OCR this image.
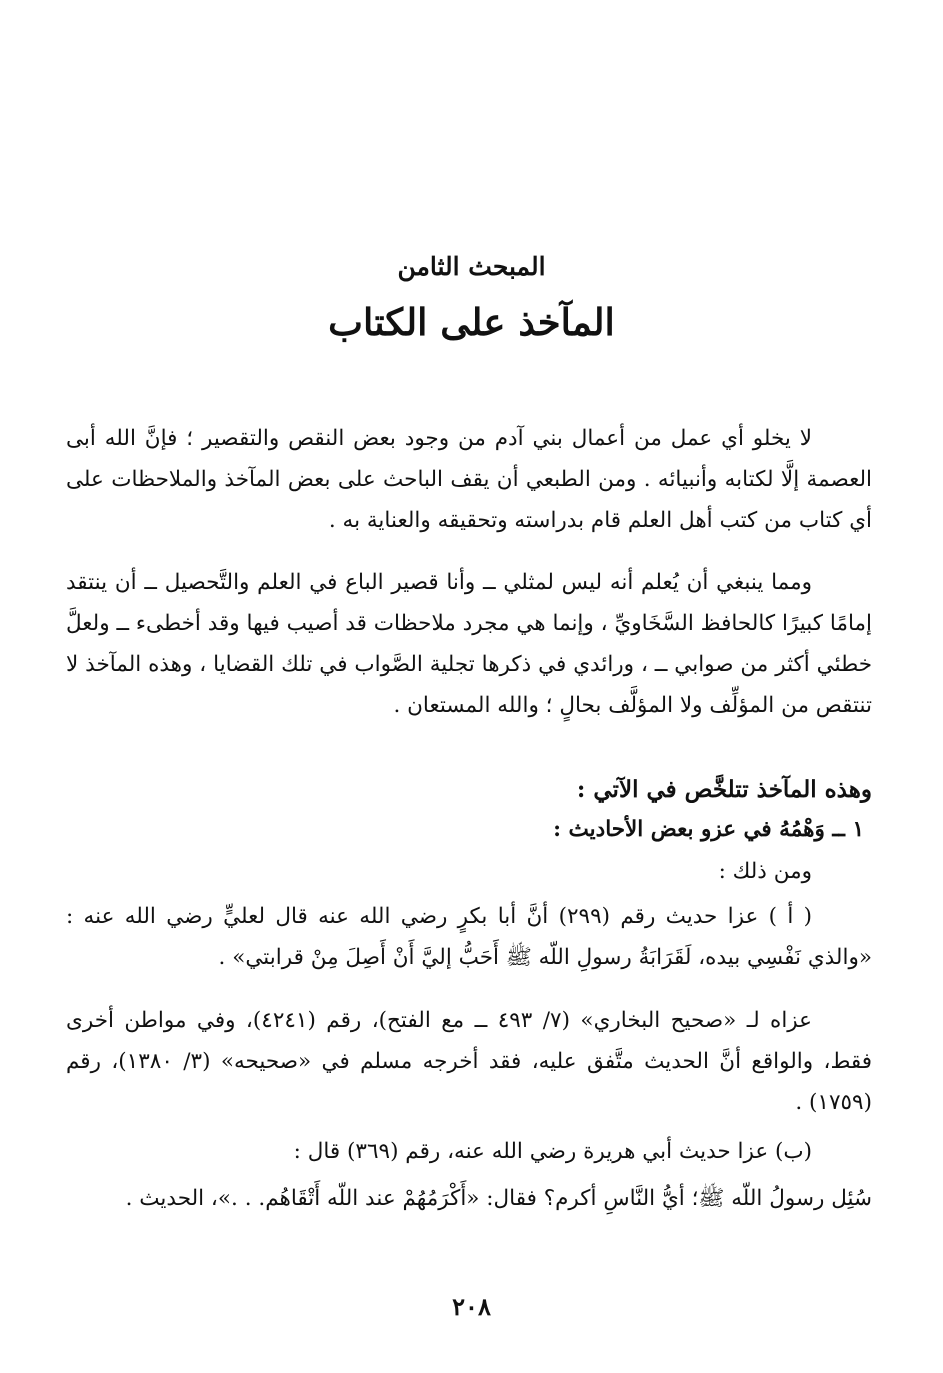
المبحث الثامن
المآخذ على الكتاب

لا يخلو أي عمل من أعمال بني آدم من وجود بعض النقص والتقصير ؛ فإنَّ الله أبى العصمة إلَّا لكتابه وأنبيائه . ومن الطبعي أن يقف الباحث على بعض المآخذ والملاحظات على أي كتاب من كتب أهل العلم قام بدراسته وتحقيقه والعناية به .

ومما ينبغي أن يُعلم أنه ليس لمثلي ــ وأنا قصير الباع في العلم والتَّحصيل ــ أن ينتقد إمامًا كبيرًا كالحافظ السَّخَاويِّ ، وإنما هي مجرد ملاحظات قد أصيب فيها وقد أخطىء ــ ولعلَّ خطئي أكثر من صوابي ــ ، ورائدي في ذكرها تجلية الصَّواب في تلك القضايا ، وهذه المآخذ لا تنتقص من المؤلِّف ولا المؤلَّف بحالٍ ؛ والله المستعان .

وهذه المآخذ تتلخَّص في الآتي :

١ ــ وَهْمُهُ في عزو بعض الأحاديث :

ومن ذلك :

( أ ) عزا حديث رقم (٢٩٩) أنَّ أبا بكرٍ رضي الله عنه قال لعليٍّ رضي الله عنه : «والذي نَفْسِي بيده، لَقَرَابَةُ رسولِ اللّه ﷺ أَحَبُّ إليَّ أَنْ أَصِلَ مِنْ قرابتي» .

عزاه لـ «صحيح البخاري» (٧/ ٤٩٣ ــ مع الفتح)، رقم (٤٢٤١)، وفي مواطن أخرى فقط، والواقع أنَّ الحديث متَّفق عليه، فقد أخرجه مسلم في «صحيحه» (٣/ ١٣٨٠)، رقم (١٧٥٩) .

(ب) عزا حديث أبي هريرة رضي الله عنه، رقم (٣٦٩) قال :

سُئِل رسولُ اللّه ﷺ؛ أيُّ النَّاسِ أكرم؟ فقال: «أَكْرَمُهُمْ عند اللّه أَتْقَاهُم. . .»، الحديث .

٢٠٨
